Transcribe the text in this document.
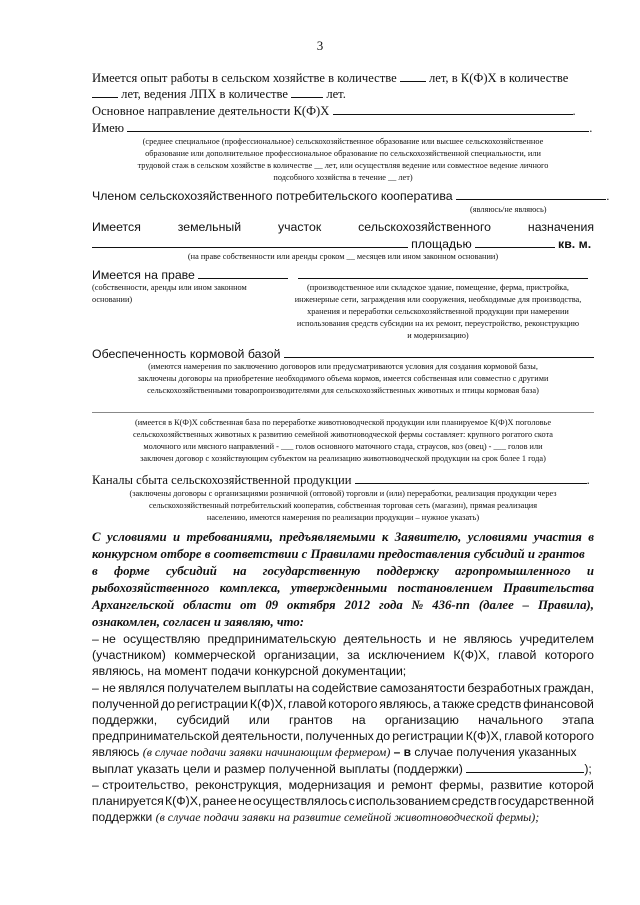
3
Имеется опыт работы в сельском хозяйстве в количестве	лет, в К(Ф)Х в количестве
лет, ведения ЛПХ в количестве	лет.
Основное направление деятельности К(Ф)Х	.
Имею	.
(среднее специальное (профессиональное) сельскохозяйственное образование или высшее сельскохозяйственное
образование или дополнительное профессиональное образование по сельскохозяйственной специальности, или
трудовой стаж в сельском хозяйстве в количестве __ лет, или осуществляя ведение или совместное ведение личного
подсобного хозяйства в течение __ лет)
Членом сельскохозяйственного потребительского кооператива	.
(являюсь/не являюсь)
Имеется	земельный	участок	сельскохозяйственного	назначения
площадью	кв. м.
(на праве собственности или аренды сроком __ месяцев или ином законном основании)
Имеется на праве
(собственности, аренды или ином законном
основании)
(производственное или складское здание, помещение, ферма, пристройка,
инженерные сети, заграждения или сооружения, необходимые для производства,
хранения и переработки сельскохозяйственной продукции при намерении
использования средств субсидии на их ремонт, переустройство, реконструкцию
и модернизацию)
Обеспеченность кормовой базой
(имеются намерения по заключению договоров или предусматриваются условия для создания кормовой базы,
заключены договоры на приобретение необходимого объема кормов, имеется собственная или совместно с другими
сельскохозяйственными товаропроизводителями для сельскохозяйственных животных и птицы кормовая база)
(имеется в К(Ф)Х собственная база по переработке животноводческой продукции или планируемое К(Ф)Х поголовье
сельскохозяйственных животных к развитию семейной животноводческой фермы составляет: крупного рогатого скота
молочного или мясного направлений - ___ голов основного маточного стада, страусов, коз (овец) - ___ голов или
заключен договор с хозяйствующим субъектом на реализацию животноводческой продукции на срок более 1 года)
Каналы сбыта сельскохозяйственной продукции	.
(заключены договоры с организациями розничной (оптовой) торговли и (или) переработки, реализация продукции через
сельскохозяйственный потребительский кооператив, собственная торговая сеть (магазин), прямая реализация
населению, имеются намерения по реализации продукции – нужное указать)
С условиями и требованиями, предъявляемыми к Заявителю, условиями участия в
конкурсном отборе в соответствии с Правилами предоставления субсидий и грантов
в форме субсидий на государственную поддержку агропромышленного и
рыбохозяйственного комплекса, утвержденными постановлением Правительства
Архангельской области от 09 октября 2012 года № 436-пп (далее – Правила),
ознакомлен, согласен и заявляю, что:
– не осуществляю предпринимательскую деятельность и не являюсь учредителем
(участником) коммерческой организации, за исключением К(Ф)Х, главой которого
являюсь, на момент подачи конкурсной документации;
– не являлся получателем выплаты на содействие самозанятости безработных граждан,
полученной до регистрации К(Ф)Х, главой которого являюсь, а также средств финансовой
поддержки, субсидий или грантов на организацию начального этапа
предпринимательской деятельности, полученных до регистрации К(Ф)Х, главой которого
являюсь (в случае подачи заявки начинающим фермером) – в случае получения указанных
выплат указать цели и размер полученной выплаты (поддержки)	);
– строительство, реконструкция, модернизация и ремонт фермы, развитие которой
планируется К(Ф)Х, ранее не осуществлялось с использованием средств государственной
поддержки (в случае подачи заявки на развитие семейной животноводческой фермы);
